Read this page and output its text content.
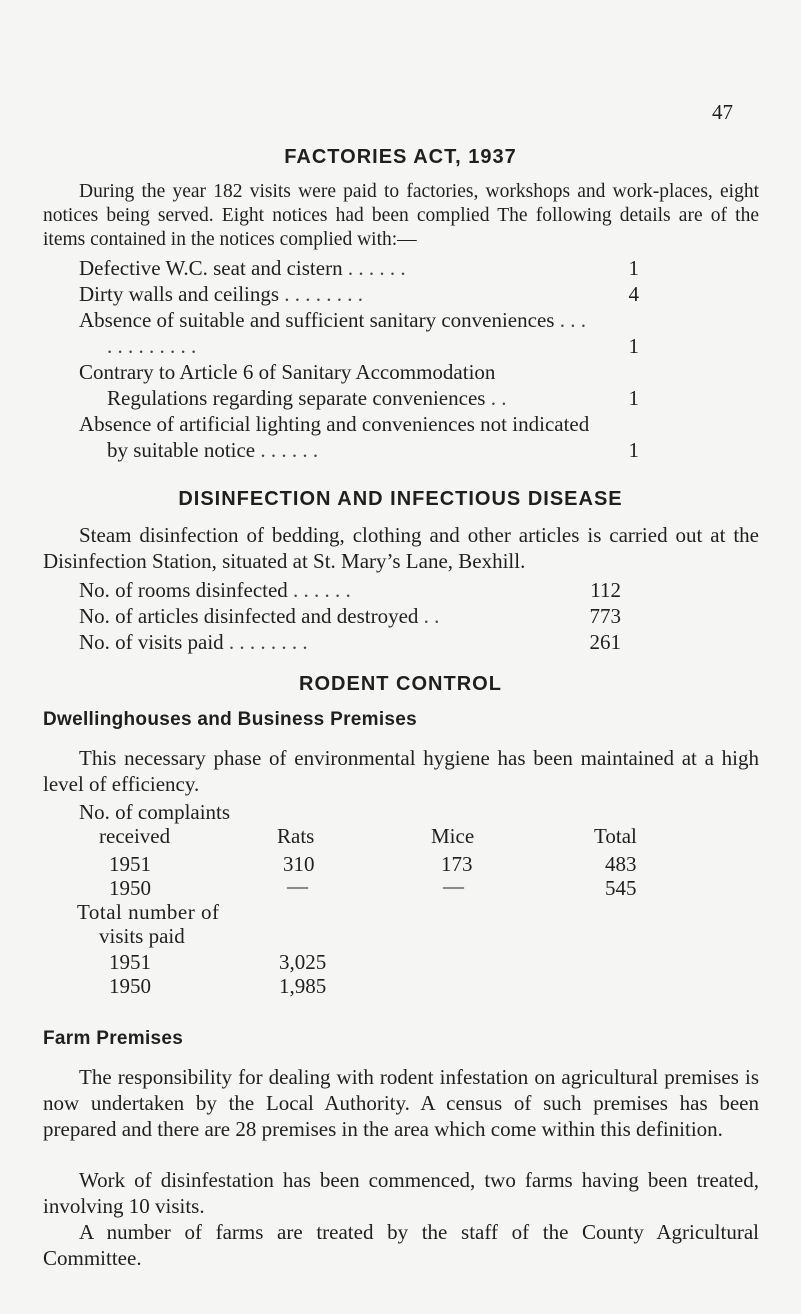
47
FACTORIES ACT, 1937

During the year 182 visits were paid to factories, workshops and work-places, eight notices being served. Eight notices had been complied The following details are of the items contained in the notices complied with:—

Defective W.C. seat and cistern . . . . . .	1
Dirty walls and ceilings . . . . . . . .	4
Absence of suitable and sufficient sanitary conveniences . . . . . . . . . . . .	1
Contrary to Article 6 of Sanitary Accommodation Regulations regarding separate conveniences . .	1
Absence of artificial lighting and conveniences not indicated by suitable notice . . . . . .	1
DISINFECTION AND INFECTIOUS DISEASE

Steam disinfection of bedding, clothing and other articles is carried out at the Disinfection Station, situated at St. Mary’s Lane, Bexhill.

No. of rooms disinfected . . . . . .	112
No. of articles disinfected and destroyed . .	773
No. of visits paid . . . . . . . .	261
RODENT CONTROL
Dwellinghouses and Business Premises

This necessary phase of environmental hygiene has been maintained at a high level of efficiency.

No. of complaints
received	Rats	Mice	Total
1951	310	173	483
1950	—	—	545
Total number of
visits paid
1951	3,025
1950	1,985
Farm Premises

The responsibility for dealing with rodent infestation on agricultural premises is now undertaken by the Local Authority. A census of such premises has been prepared and there are 28 premises in the area which come within this definition.

Work of disinfestation has been commenced, two farms having been treated, involving 10 visits.

A number of farms are treated by the staff of the County Agricultural Committee.
